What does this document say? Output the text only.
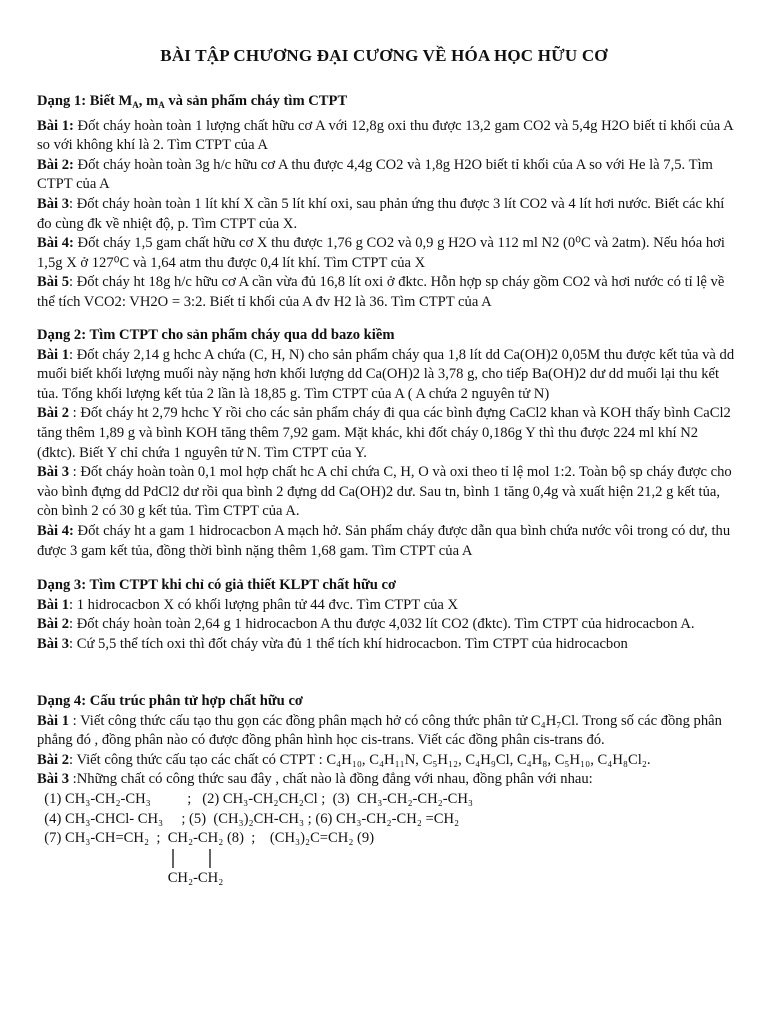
BÀI TẬP CHƯƠNG ĐẠI CƯƠNG VỀ HÓA HỌC HỮU CƠ

Dạng 1: Biết $M_A$, $m_A$ và sản phẩm cháy tìm CTPT

Bài 1: Đốt cháy hoàn toàn 1 lượng chất hữu cơ A với 12,8g oxi thu được 13,2 gam CO2 và 5,4g H2O biết tỉ khối của A so với không khí là 2. Tìm CTPT của A

Bài 2: Đốt cháy hoàn toàn 3g h/c hữu cơ A thu được 4,4g CO2 và 1,8g H2O biết tỉ khối của A so với He là 7,5. Tìm CTPT của A

Bài 3: Đốt cháy hoàn toàn 1 lít khí X cần 5 lít khí oxi, sau phản ứng thu được 3 lít CO2 và 4 lít hơi nước. Biết các khí đo cùng đk về nhiệt độ, p. Tìm CTPT của X.

Bài 4: Đốt cháy 1,5 gam chất hữu cơ X thu được 1,76 g CO2 và 0,9 g H2O và 112 ml N2 (0⁰C và 2atm). Nếu hóa hơi 1,5g X ở 127⁰C và 1,64 atm thu được 0,4 lít khí. Tìm CTPT của X

Bài 5: Đốt cháy ht 18g h/c hữu cơ A cần vừa đủ 16,8 lít oxi ở đktc. Hỗn hợp sp cháy gồm CO2 và hơi nước có tỉ lệ về thể tích VCO2: VH2O = 3:2. Biết tỉ khối của A đv H2 là 36. Tìm CTPT của A

Dạng 2: Tìm CTPT cho sản phẩm cháy qua dd bazo kiềm

Bài 1: Đốt cháy 2,14 g hchc A chứa (C, H, N) cho sản phẩm cháy qua 1,8 lít dd Ca(OH)2 0,05M thu được kết tủa và dd muối biết khối lượng muối này nặng hơn khối lượng dd Ca(OH)2 là 3,78 g, cho tiếp Ba(OH)2 dư dd muối lại thu kết tủa. Tổng khối lượng kết tủa 2 lần là 18,85 g. Tìm CTPT của A ( A chứa 2 nguyên tử N)

Bài 2 : Đốt cháy ht 2,79 hchc Y rồi cho các sản phẩm cháy đi qua các bình đựng CaCl2 khan và KOH thấy bình CaCl2 tăng thêm 1,89 g và bình KOH tăng thêm 7,92 gam. Mặt khác, khi đốt cháy 0,186g Y thì thu được 224 ml khí N2 (đktc). Biết Y chỉ chứa 1 nguyên tử N. Tìm CTPT của Y.

Bài 3 : Đốt cháy hoàn toàn 0,1 mol hợp chất hc A chỉ chứa C, H, O và oxi theo tỉ lệ mol 1:2. Toàn bộ sp cháy được cho vào bình đựng dd PdCl2 dư rồi qua bình 2 đựng dd Ca(OH)2 dư. Sau tn, bình 1 tăng 0,4g và xuất hiện 21,2 g kết tủa, còn bình 2 có 30 g kết tủa. Tìm CTPT của A.

Bài 4: Đốt cháy ht a gam 1 hidrocacbon A mạch hở. Sản phẩm cháy được dẫn qua bình chứa nước vôi trong có dư, thu được 3 gam kết tủa, đồng thời bình nặng thêm 1,68 gam. Tìm CTPT của A

Dạng 3: Tìm CTPT khi chỉ có giả thiết KLPT chất hữu cơ

Bài 1: 1 hidrocacbon X có khối lượng phân tử 44 đvc. Tìm CTPT của X

Bài 2: Đốt cháy hoàn toàn 2,64 g 1 hidrocacbon A thu được 4,032 lít CO2 (đktc). Tìm CTPT của hidrocacbon A.

Bài 3: Cứ 5,5 thể tích oxi thì đốt cháy vừa đủ 1 thể tích khí hidrocacbon. Tìm CTPT của hidrocacbon

Dạng 4: Cấu trúc phân tử hợp chất hữu cơ

Bài 1 : Viết công thức cấu tạo thu gọn các đồng phân mạch hở có công thức phân tử C₄H₇Cl. Trong số các đồng phân phẳng đó , đồng phân nào có được đồng phân hình học cis-trans. Viết các đồng phân cis-trans đó.

Bài 2: Viết công thức cấu tạo các chất có CTPT : C₄H₁₀, C₄H₁₁N, C₅H₁₂, C₄H₉Cl, C₄H₈, C₅H₁₀, C₄H₈Cl₂.

Bài 3 :Những chất có công thức sau đây , chất nào là đồng đẳng với nhau, đồng phân với nhau:

(1) CH₃-CH₂-CH₃          ;   (2) CH₃-CH₂CH₂Cl ;  (3)  CH₃-CH₂-CH₂-CH₃

(4) CH₃-CHCl- CH₃     ; (5)  (CH₃)₂CH-CH₃ ; (6) CH₃-CH₂-CH₂ =CH₂

(7) CH₃-CH=CH₂  ;  CH₂-CH₂
CH₂-CH₂
(8)  ;    (CH₃)₂C=CH₂ (9)
